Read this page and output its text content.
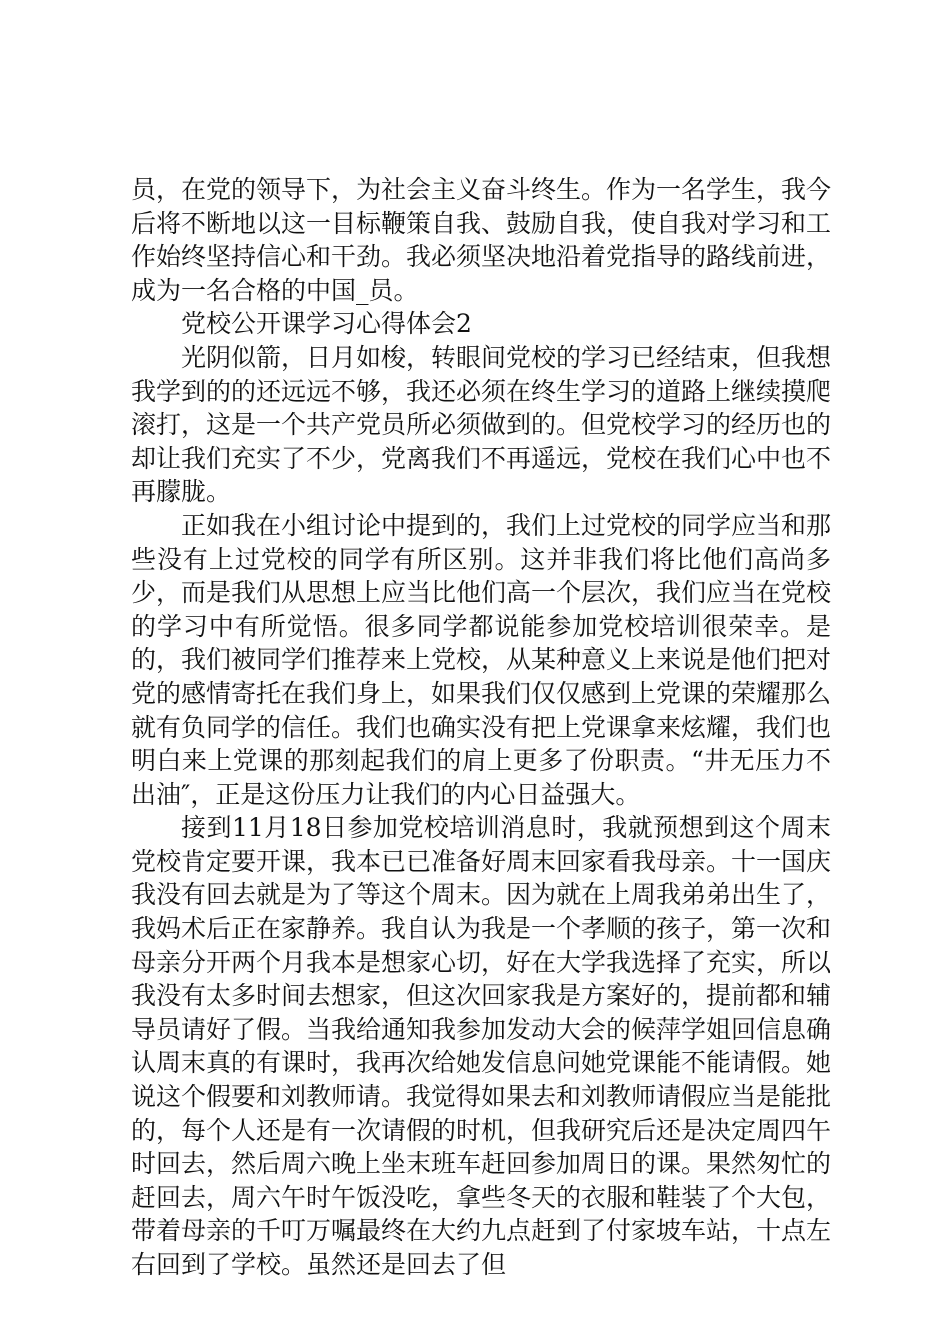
员，在党的领导下，为社会主义奋斗终生。作为一名学生，我今后将不断地以这一目标鞭策自我、鼓励自我，使自我对学习和工作始终坚持信心和干劲。我必须坚决地沿着党指导的路线前进，成为一名合格的中国_员。

党校公开课学习心得体会2

光阴似箭，日月如梭，转眼间党校的学习已经结束，但我想我学到的的还远远不够，我还必须在终生学习的道路上继续摸爬滚打，这是一个共产党员所必须做到的。但党校学习的经历也的却让我们充实了不少，党离我们不再遥远，党校在我们心中也不再朦胧。

正如我在小组讨论中提到的，我们上过党校的同学应当和那些没有上过党校的同学有所区别。这并非我们将比他们高尚多少，而是我们从思想上应当比他们高一个层次，我们应当在党校的学习中有所觉悟。很多同学都说能参加党校培训很荣幸。是的，我们被同学们推荐来上党校，从某种意义上来说是他们把对党的感情寄托在我们身上，如果我们仅仅感到上党课的荣耀那么就有负同学的信任。我们也确实没有把上党课拿来炫耀，我们也明白来上党课的那刻起我们的肩上更多了份职责。“井无压力不出油″，正是这份压力让我们的内心日益强大。

接到11月18日参加党校培训消息时，我就预想到这个周末党校肯定要开课，我本已已准备好周末回家看我母亲。十一国庆我没有回去就是为了等这个周末。因为就在上周我弟弟出生了，我妈术后正在家静养。我自认为我是一个孝顺的孩子，第一次和母亲分开两个月我本是想家心切，好在大学我选择了充实，所以我没有太多时间去想家，但这次回家我是方案好的，提前都和辅导员请好了假。当我给通知我参加发动大会的候萍学姐回信息确认周末真的有课时，我再次给她发信息问她党课能不能请假。她说这个假要和刘教师请。我觉得如果去和刘教师请假应当是能批的，每个人还是有一次请假的时机，但我研究后还是决定周四午时回去，然后周六晚上坐末班车赶回参加周日的课。果然匆忙的赶回去，周六午时午饭没吃，拿些冬天的衣服和鞋装了个大包，带着母亲的千叮万嘱最终在大约九点赶到了付家坡车站，十点左右回到了学校。虽然还是回去了但
